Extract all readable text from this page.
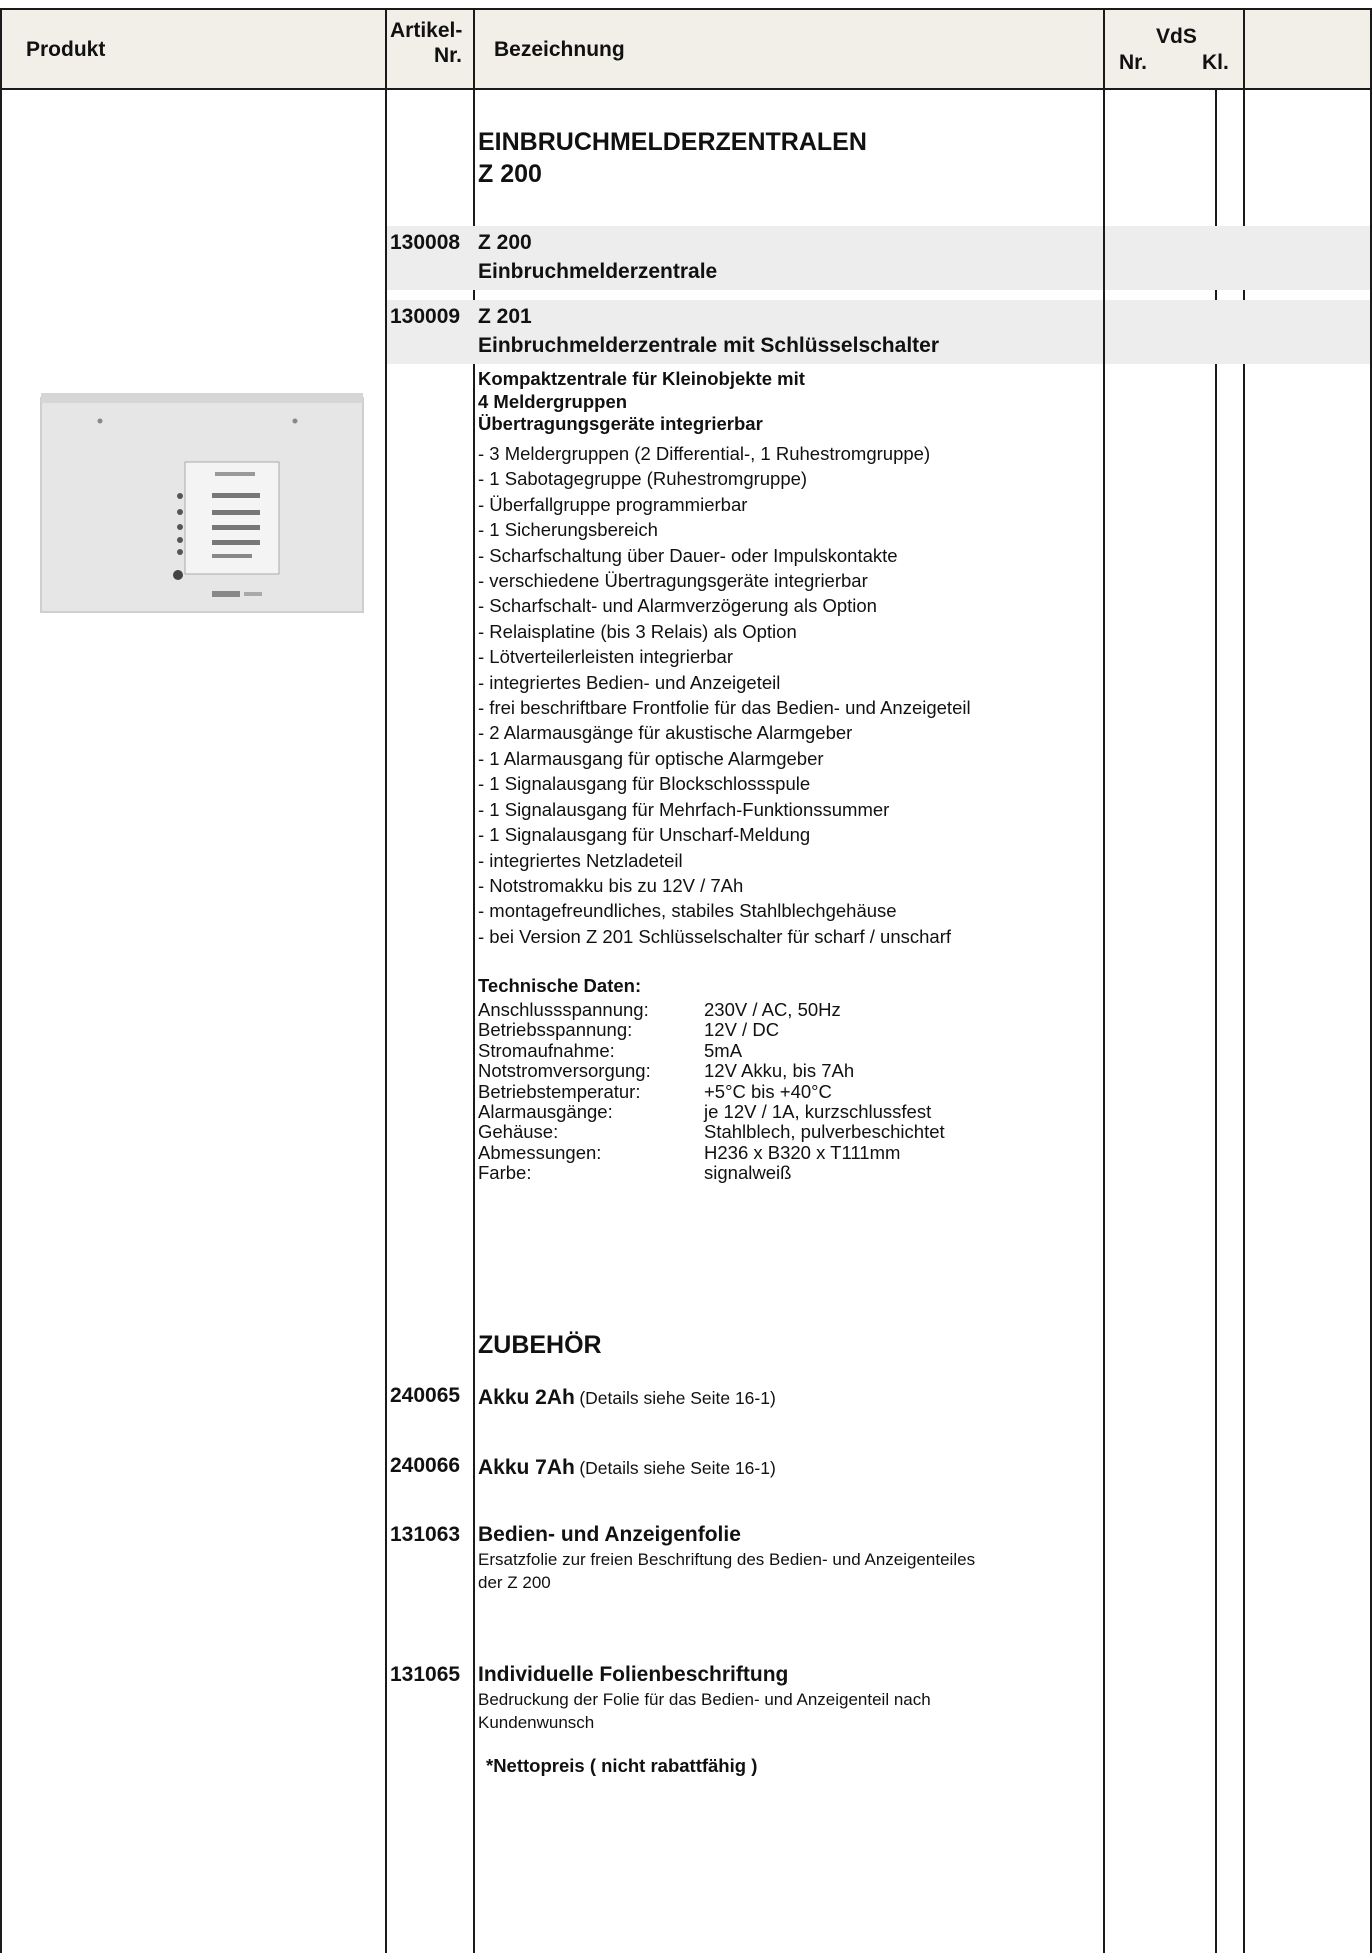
Produkt
Artikel-
Nr. Bezeichnung
VdS
Nr.	Kl.
EINBRUCHMELDERZENTRALEN
Z 200
130008 Z 200
Einbruchmelderzentrale
130009 Z 201
Einbruchmelderzentrale mit Schlüsselschalter
Kompaktzentrale für Kleinobjekte mit
4 Meldergruppen
Übertragungsgeräte integrierbar
- 3 Meldergruppen (2 Differential-, 1 Ruhestromgruppe)
- 1 Sabotagegruppe (Ruhestromgruppe)
- Überfallgruppe programmierbar
- 1 Sicherungsbereich
- Scharfschaltung über Dauer- oder Impulskontakte
- verschiedene Übertragungsgeräte integrierbar
- Scharfschalt- und Alarmverzögerung als Option
- Relaisplatine (bis 3 Relais) als Option
- Lötverteilerleisten integrierbar
- integriertes Bedien- und Anzeigeteil
- frei beschriftbare Frontfolie für das Bedien- und Anzeigeteil
- 2 Alarmausgänge für akustische Alarmgeber
- 1 Alarmausgang für optische Alarmgeber
- 1 Signalausgang für Blockschlossspule
- 1 Signalausgang für Mehrfach-Funktionssummer
- 1 Signalausgang für Unscharf-Meldung
- integriertes Netzladeteil
- Notstromakku bis zu 12V / 7Ah
- montagefreundliches, stabiles Stahlblechgehäuse
- bei Version Z 201 Schlüsselschalter für scharf / unscharf
Technische Daten:
Anschlussspannung:	230V / AC, 50Hz
Betriebsspannung:	12V / DC
Stromaufnahme:	5mA
Notstromversorgung:	12V Akku, bis 7Ah
Betriebstemperatur:	+5°C bis +40°C
Alarmausgänge:	je 12V / 1A, kurzschlussfest
Gehäuse:	Stahlblech, pulverbeschichtet
Abmessungen:	H236 x B320 x T111mm
Farbe:	signalweiß
ZUBEHÖR
240065 Akku 2Ah (Details siehe Seite 16-1)
240066 Akku 7Ah (Details siehe Seite 16-1)
131063 Bedien- und Anzeigenfolie
Ersatzfolie zur freien Beschriftung des Bedien- und Anzeigenteiles
der Z 200
131065 Individuelle Folienbeschriftung
Bedruckung der Folie für das Bedien- und Anzeigenteil nach
Kundenwunsch
*Nettopreis ( nicht rabattfähig )
